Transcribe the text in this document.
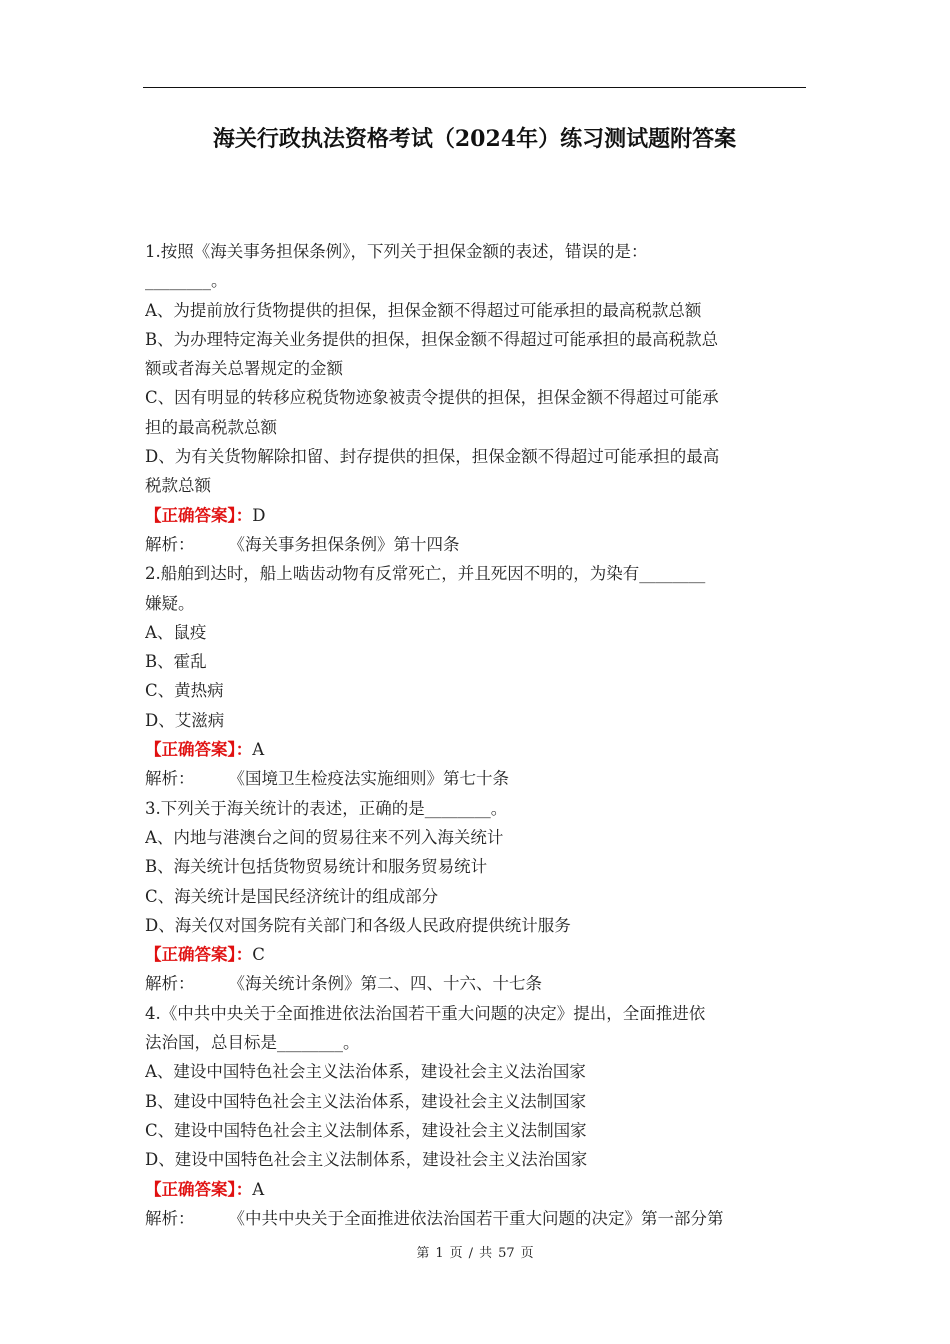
海关行政执法资格考试（2024年）练习测试题附答案
1.按照《海关事务担保条例》，下列关于担保金额的表述，错误的是：
________。
A、为提前放行货物提供的担保，担保金额不得超过可能承担的最高税款总额
B、为办理特定海关业务提供的担保，担保金额不得超过可能承担的最高税款总
额或者海关总署规定的金额
C、因有明显的转移应税货物迹象被责令提供的担保，担保金额不得超过可能承
担的最高税款总额
D、为有关货物解除扣留、封存提供的担保，担保金额不得超过可能承担的最高
税款总额
【正确答案】：D
解析： 《海关事务担保条例》第十四条
2.船舶到达时，船上啮齿动物有反常死亡，并且死因不明的，为染有________
嫌疑。
A、鼠疫
B、霍乱
C、黄热病
D、艾滋病
【正确答案】：A
解析： 《国境卫生检疫法实施细则》第七十条
3.下列关于海关统计的表述，正确的是________。
A、内地与港澳台之间的贸易往来不列入海关统计
B、海关统计包括货物贸易统计和服务贸易统计
C、海关统计是国民经济统计的组成部分
D、海关仅对国务院有关部门和各级人民政府提供统计服务
【正确答案】：C
解析： 《海关统计条例》第二、四、十六、十七条
4.《中共中央关于全面推进依法治国若干重大问题的决定》提出，全面推进依
法治国，总目标是________。
A、建设中国特色社会主义法治体系，建设社会主义法治国家
B、建设中国特色社会主义法治体系，建设社会主义法制国家
C、建设中国特色社会主义法制体系，建设社会主义法制国家
D、建设中国特色社会主义法制体系，建设社会主义法治国家
【正确答案】：A
解析： 《中共中央关于全面推进依法治国若干重大问题的决定》第一部分第
第 1 页 / 共 57 页
